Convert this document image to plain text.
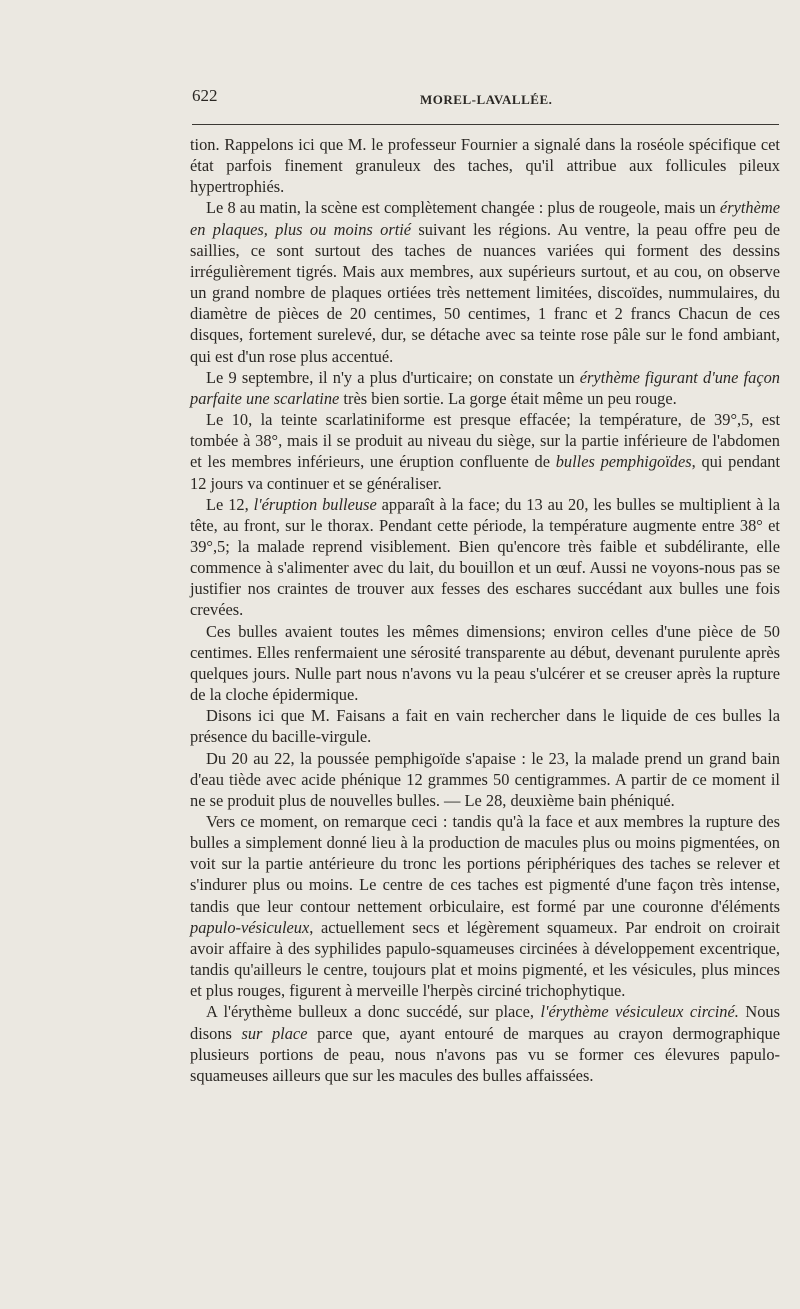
622	MOREL-LAVALLÉE.

tion. Rappelons ici que M. le professeur Fournier a signalé dans la roséole spécifique cet état parfois finement granuleux des taches, qu'il attribue aux follicules pileux hypertrophiés.

Le 8 au matin, la scène est complètement changée : plus de rougeole, mais un érythème en plaques, plus ou moins ortié suivant les régions. Au ventre, la peau offre peu de saillies, ce sont surtout des taches de nuances variées qui forment des dessins irrégulièrement tigrés. Mais aux membres, aux supérieurs surtout, et au cou, on observe un grand nombre de plaques ortiées très nettement limitées, discoïdes, nummulaires, du diamètre de pièces de 20 centimes, 50 centimes, 1 franc et 2 francs Chacun de ces disques, fortement surelevé, dur, se détache avec sa teinte rose pâle sur le fond ambiant, qui est d'un rose plus accentué.

Le 9 septembre, il n'y a plus d'urticaire; on constate un érythème figurant d'une façon parfaite une scarlatine très bien sortie. La gorge était même un peu rouge.

Le 10, la teinte scarlatiniforme est presque effacée; la température, de 39°,5, est tombée à 38°, mais il se produit au niveau du siège, sur la partie inférieure de l'abdomen et les membres inférieurs, une éruption confluente de bulles pemphigoïdes, qui pendant 12 jours va continuer et se généraliser.

Le 12, l'éruption bulleuse apparaît à la face; du 13 au 20, les bulles se multiplient à la tête, au front, sur le thorax. Pendant cette période, la température augmente entre 38° et 39°,5; la malade reprend visiblement. Bien qu'encore très faible et subdélirante, elle commence à s'alimenter avec du lait, du bouillon et un œuf. Aussi ne voyons-nous pas se justifier nos craintes de trouver aux fesses des eschares succédant aux bulles une fois crevées.

Ces bulles avaient toutes les mêmes dimensions; environ celles d'une pièce de 50 centimes. Elles renfermaient une sérosité transparente au début, devenant purulente après quelques jours. Nulle part nous n'avons vu la peau s'ulcérer et se creuser après la rupture de la cloche épidermique.

Disons ici que M. Faisans a fait en vain rechercher dans le liquide de ces bulles la présence du bacille-virgule.

Du 20 au 22, la poussée pemphigoïde s'apaise : le 23, la malade prend un grand bain d'eau tiède avec acide phénique 12 grammes 50 centigrammes. A partir de ce moment il ne se produit plus de nouvelles bulles. — Le 28, deuxième bain phéniqué.

Vers ce moment, on remarque ceci : tandis qu'à la face et aux membres la rupture des bulles a simplement donné lieu à la production de macules plus ou moins pigmentées, on voit sur la partie antérieure du tronc les portions périphériques des taches se relever et s'indurer plus ou moins. Le centre de ces taches est pigmenté d'une façon très intense, tandis que leur contour nettement orbiculaire, est formé par une couronne d'éléments papulo-vésiculeux, actuellement secs et légèrement squameux. Par endroit on croirait avoir affaire à des syphilides papulo-squameuses circinées à développement excentrique, tandis qu'ailleurs le centre, toujours plat et moins pigmenté, et les vésicules, plus minces et plus rouges, figurent à merveille l'herpès circiné trichophytique.

A l'érythème bulleux a donc succédé, sur place, l'érythème vésiculeux circiné. Nous disons sur place parce que, ayant entouré de marques au crayon dermographique plusieurs portions de peau, nous n'avons pas vu se former ces élevures papulo-squameuses ailleurs que sur les macules des bulles affaissées.
